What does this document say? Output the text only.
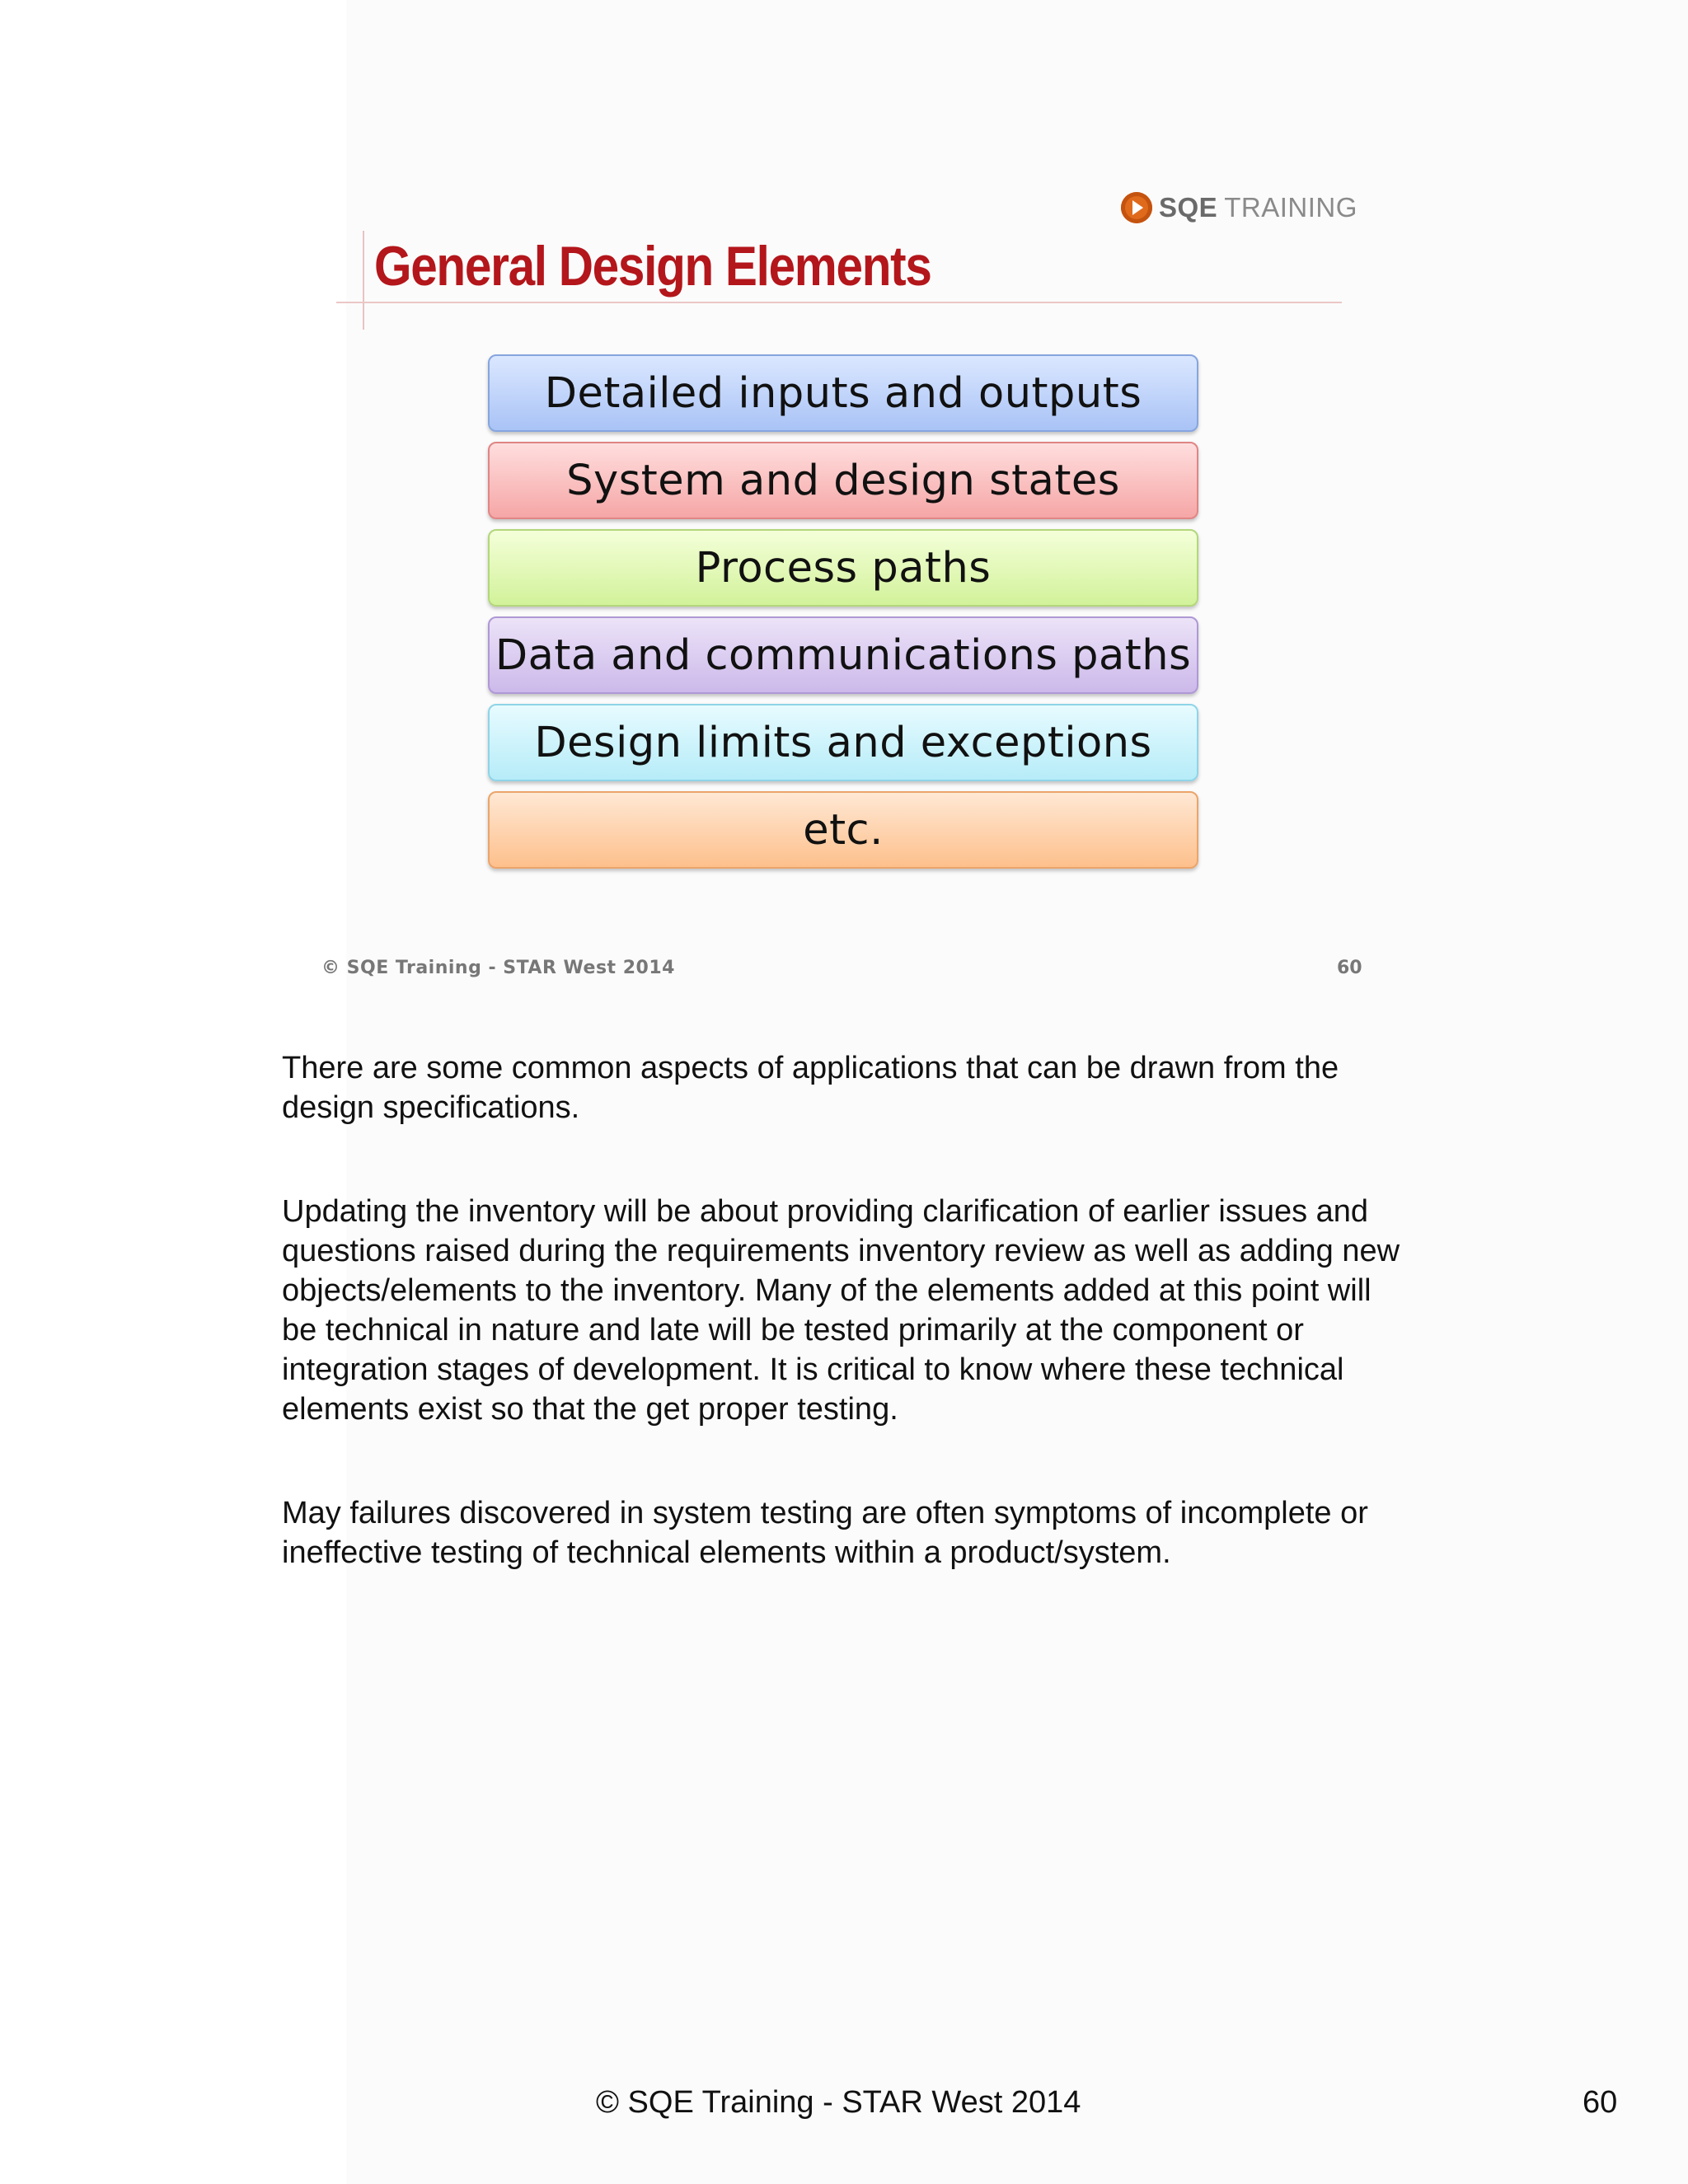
SQE TRAINING
General Design Elements
Detailed inputs and outputs
System and design states
Process paths
Data and communications paths
Design limits and exceptions
etc.
© SQE Training - STAR West 2014	60

There are some common aspects of applications that can be drawn from the design specifications.

Updating the inventory will be about providing clarification of earlier issues and questions raised during the requirements inventory review as well as adding new objects/elements to the inventory. Many of the elements added at this point will be technical in nature and late will be tested primarily at the component or integration stages of development. It is critical to know where these technical elements exist so that the get proper testing.

May failures discovered in system testing are often symptoms of incomplete or ineffective testing of technical elements within a product/system.

© SQE Training - STAR West 2014	60
